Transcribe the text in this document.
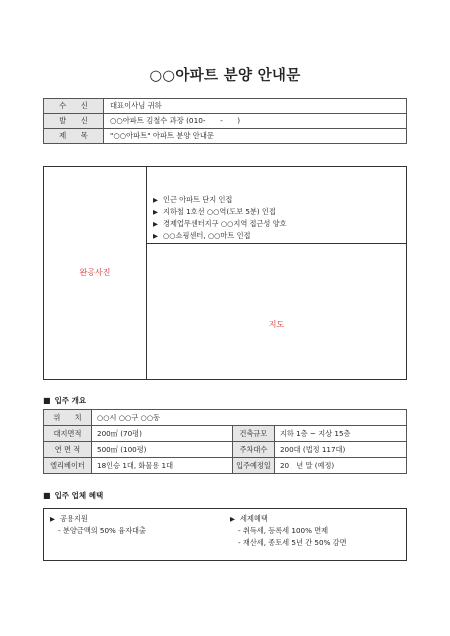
○○아파트 분양 안내문
수　　신	대표이사님 귀하
발　　신	○○아파트 김철수 과장 (010-　　-　　)
제　　목	"○○아파트" 아파트 분양 안내문
완공사진
▶ 인근 아파트 단지 인접
▶ 지하철 1호선 ○○역(도보 5분) 인접
▶ 경제업무센터지구 ○○지역 접근성 양호
▶ ○○쇼핑센터, ○○마트 인접
지도
■ 입주 개요
위　　치	○○시 ○○구 ○○동		
대지면적	200㎡ (70평)	건축규모	지하 1층 ~ 지상 15층
연 면 적	500㎡ (100평)	주차대수	200대 (법정 117대)
엘리베이터	18인승 1대, 화물용 1대	입주예정일	20　년 말 (예정)
■ 입주 업체 혜택
▶ 공용지원
- 분양금액의 50% 융자대출
▶ 세제혜택
- 취득세, 등록세 100% 면제
- 재산세, 종토세 5년 간 50% 감면
